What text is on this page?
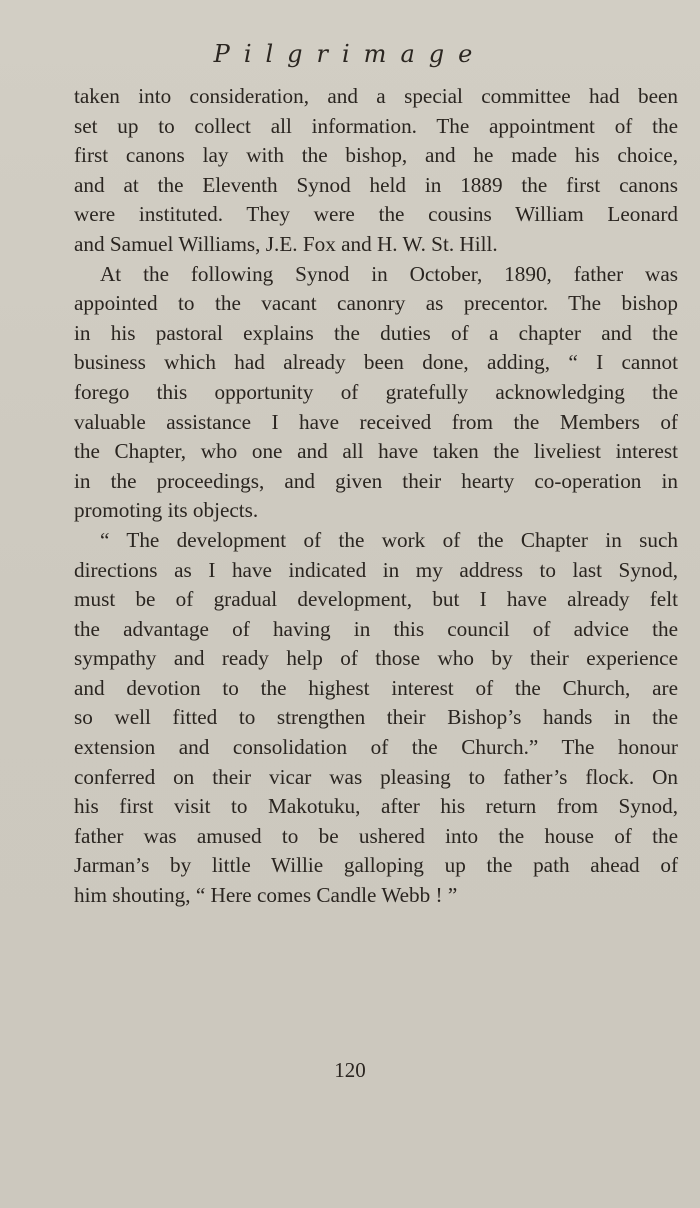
Pilgrimage
taken into consideration, and a special committee had been
set up to collect all information. The appointment of the
first canons lay with the bishop, and he made his choice,
and at the Eleventh Synod held in 1889 the first canons
were instituted. They were the cousins William Leonard
and Samuel Williams, J.E. Fox and H. W. St. Hill.
At the following Synod in October, 1890, father was
appointed to the vacant canonry as precentor. The bishop
in his pastoral explains the duties of a chapter and the
business which had already been done, adding, “ I cannot
forego this opportunity of gratefully acknowledging the
valuable assistance I have received from the Members of
the Chapter, who one and all have taken the liveliest interest
in the proceedings, and given their hearty co-operation in
promoting its objects.
“ The development of the work of the Chapter in such
directions as I have indicated in my address to last Synod,
must be of gradual development, but I have already felt
the advantage of having in this council of advice the
sympathy and ready help of those who by their experience
and devotion to the highest interest of the Church, are
so well fitted to strengthen their Bishop’s hands in the
extension and consolidation of the Church.” The honour
conferred on their vicar was pleasing to father’s flock. On
his first visit to Makotuku, after his return from Synod,
father was amused to be ushered into the house of the
Jarman’s by little Willie galloping up the path ahead of
him shouting, “ Here comes Candle Webb ! ”
120
